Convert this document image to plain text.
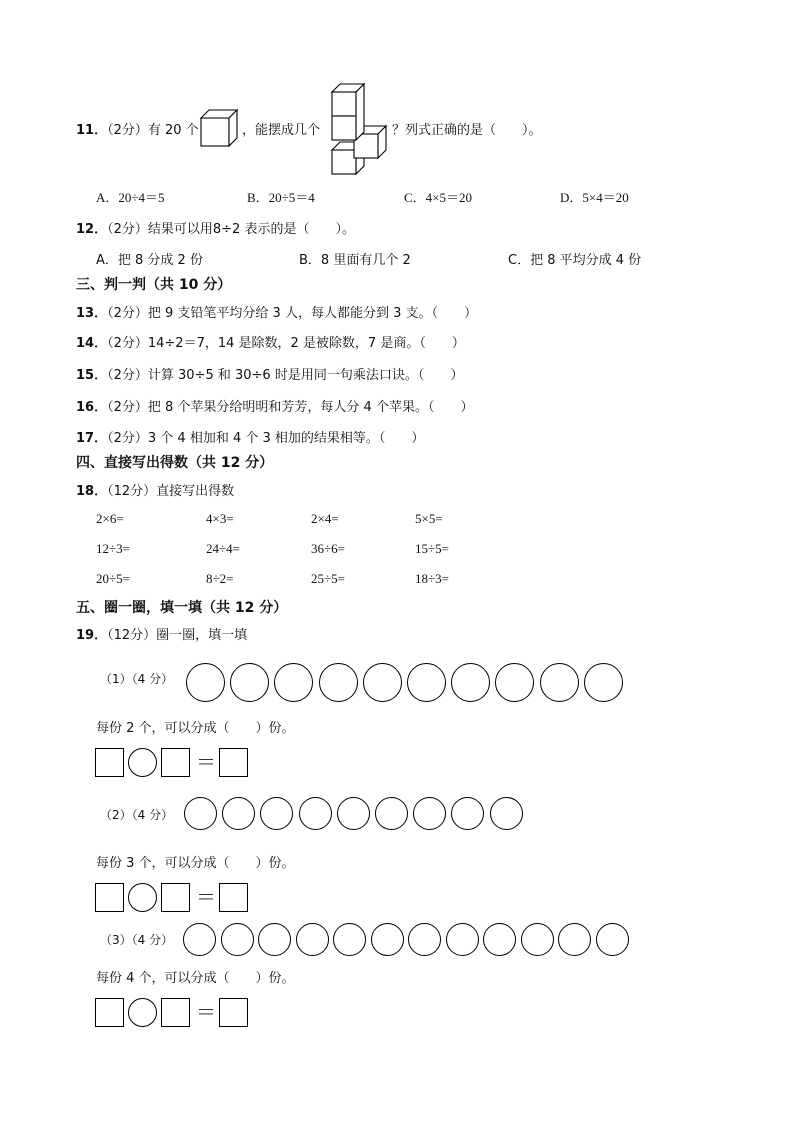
11．（2分）有 20 个	，能摆成几个	？列式正确的是（　　）。
A．20÷4＝5	B．20÷5＝4	C．4×5＝20	D．5×4＝20
12．（2分）结果可以用8÷2 表示的是（　　）。
A．把 8 分成 2 份	B．8 里面有几个 2	C．把 8 平均分成 4 份
三、判一判（共 10 分）
13．（2分）把 9 支铅笔平均分给 3 人，每人都能分到 3 支。（　　）
14．（2分）14÷2＝7，14 是除数，2 是被除数，7 是商。（　　）
15．（2分）计算 30÷5 和 30÷6 时是用同一句乘法口诀。（　　）
16．（2分）把 8 个苹果分给明明和芳芳，每人分 4 个苹果。（　　）
17．（2分）3 个 4 相加和 4 个 3 相加的结果相等。（　　）
四、直接写出得数（共 12 分）
18．（12分）直接写出得数
2×6=	4×3=	2×4=	5×5=
12÷3=	24÷4=	36÷6=	15÷5=
20÷5=	8÷2=	25÷5=	18÷3=
五、圈一圈，填一填（共 12 分）
19．（12分）圈一圈，填一填
（1）（4 分）
每份 2 个，可以分成（　　）份。
＝
（2）（4 分）
每份 3 个，可以分成（　　）份。
＝
（3）（4 分）
每份 4 个，可以分成（　　）份。
＝
